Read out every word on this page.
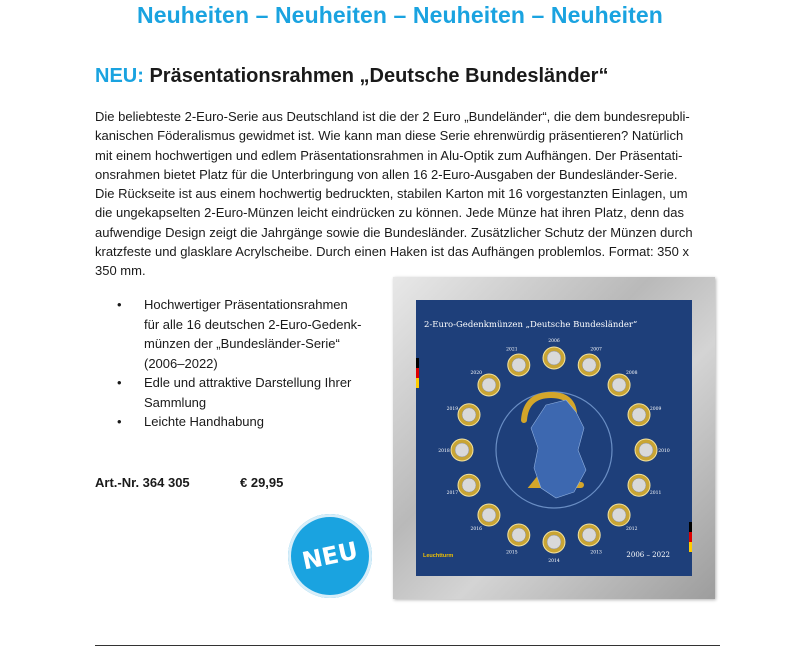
Neuheiten – Neuheiten – Neuheiten – Neuheiten
NEU: Präsentationsrahmen „Deutsche Bundesländer“
Die beliebteste 2-Euro-Serie aus Deutschland ist die der 2 Euro „Bundeländer“, die dem bundesrepubli-
kanischen Föderalismus gewidmet ist. Wie kann man diese Serie ehrenwürdig präsentieren? Natürlich
mit einem hochwertigen und edlem Präsentationsrahmen in Alu-Optik zum Aufhängen. Der Präsentati-
onsrahmen bietet Platz für die Unterbringung von allen 16 2-Euro-Ausgaben der Bundesländer-Serie.
Die Rückseite ist aus einem hochwertig bedruckten, stabilen Karton mit 16 vorgestanzten Einlagen, um
die ungekapselten 2-Euro-Münzen leicht eindrücken zu können. Jede Münze hat ihren Platz, denn das
aufwendige Design zeigt die Jahrgänge sowie die Bundesländer. Zusätzlicher Schutz der Münzen durch
kratzfeste und glasklare Acrylscheibe. Durch einen Haken ist das Aufhängen problemlos. Format: 350 x
350 mm.
• Hochwertiger Präsentationsrahmen
für alle 16 deutschen 2-Euro-Gedenk-
münzen der „Bundesländer-Serie“
(2006–2022)
• Edle und attraktive Darstellung Ihrer
Sammlung
• Leichte Handhabung
Art.-Nr. 364 305	€ 29,95
2-Euro-Gedenkmünzen „Deutsche Bundesländer“
2006
2007
2008
2009
2010
2011
2012
2013
2014
2015
2016
2017
2018
2019
2020
2021
Leuchtturm	2006 – 2022
NEU
